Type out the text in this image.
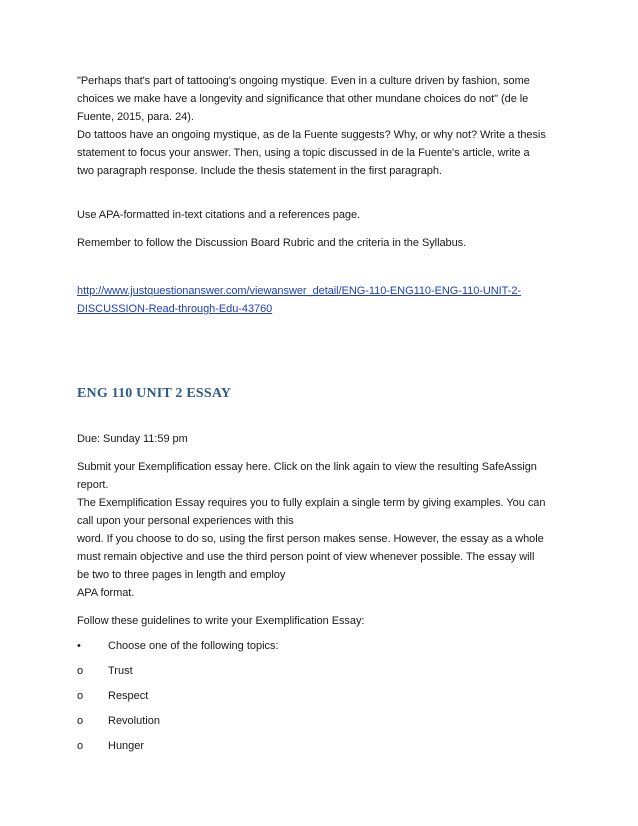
"Perhaps that's part of tattooing's ongoing mystique. Even in a culture driven by fashion, some choices we make have a longevity and significance that other mundane choices do not" (de le Fuente, 2015, para. 24).

Do tattoos have an ongoing mystique, as de la Fuente suggests? Why, or why not? Write a thesis statement to focus your answer. Then, using a topic discussed in de la Fuente's article, write a two paragraph response. Include the thesis statement in the first paragraph.

Use APA-formatted in-text citations and a references page.

Remember to follow the Discussion Board Rubric and the criteria in the Syllabus.

http://www.justquestionanswer.com/viewanswer_detail/ENG-110-ENG110-ENG-110-UNIT-2-
DISCUSSION-Read-through-Edu-43760
ENG 110 UNIT 2 ESSAY

Due: Sunday 11:59 pm

Submit your Exemplification essay here. Click on the link again to view the resulting SafeAssign report.

The Exemplification Essay requires you to fully explain a single term by giving examples. You can call upon your personal experiences with this

word. If you choose to do so, using the first person makes sense. However, the essay as a whole must remain objective and use the third person point of view whenever possible. The essay will be two to three pages in length and employ

APA format.

Follow these guidelines to write your Exemplification Essay:

•	Choose one of the following topics:
o	Trust
o	Respect
o	Revolution
o	Hunger
